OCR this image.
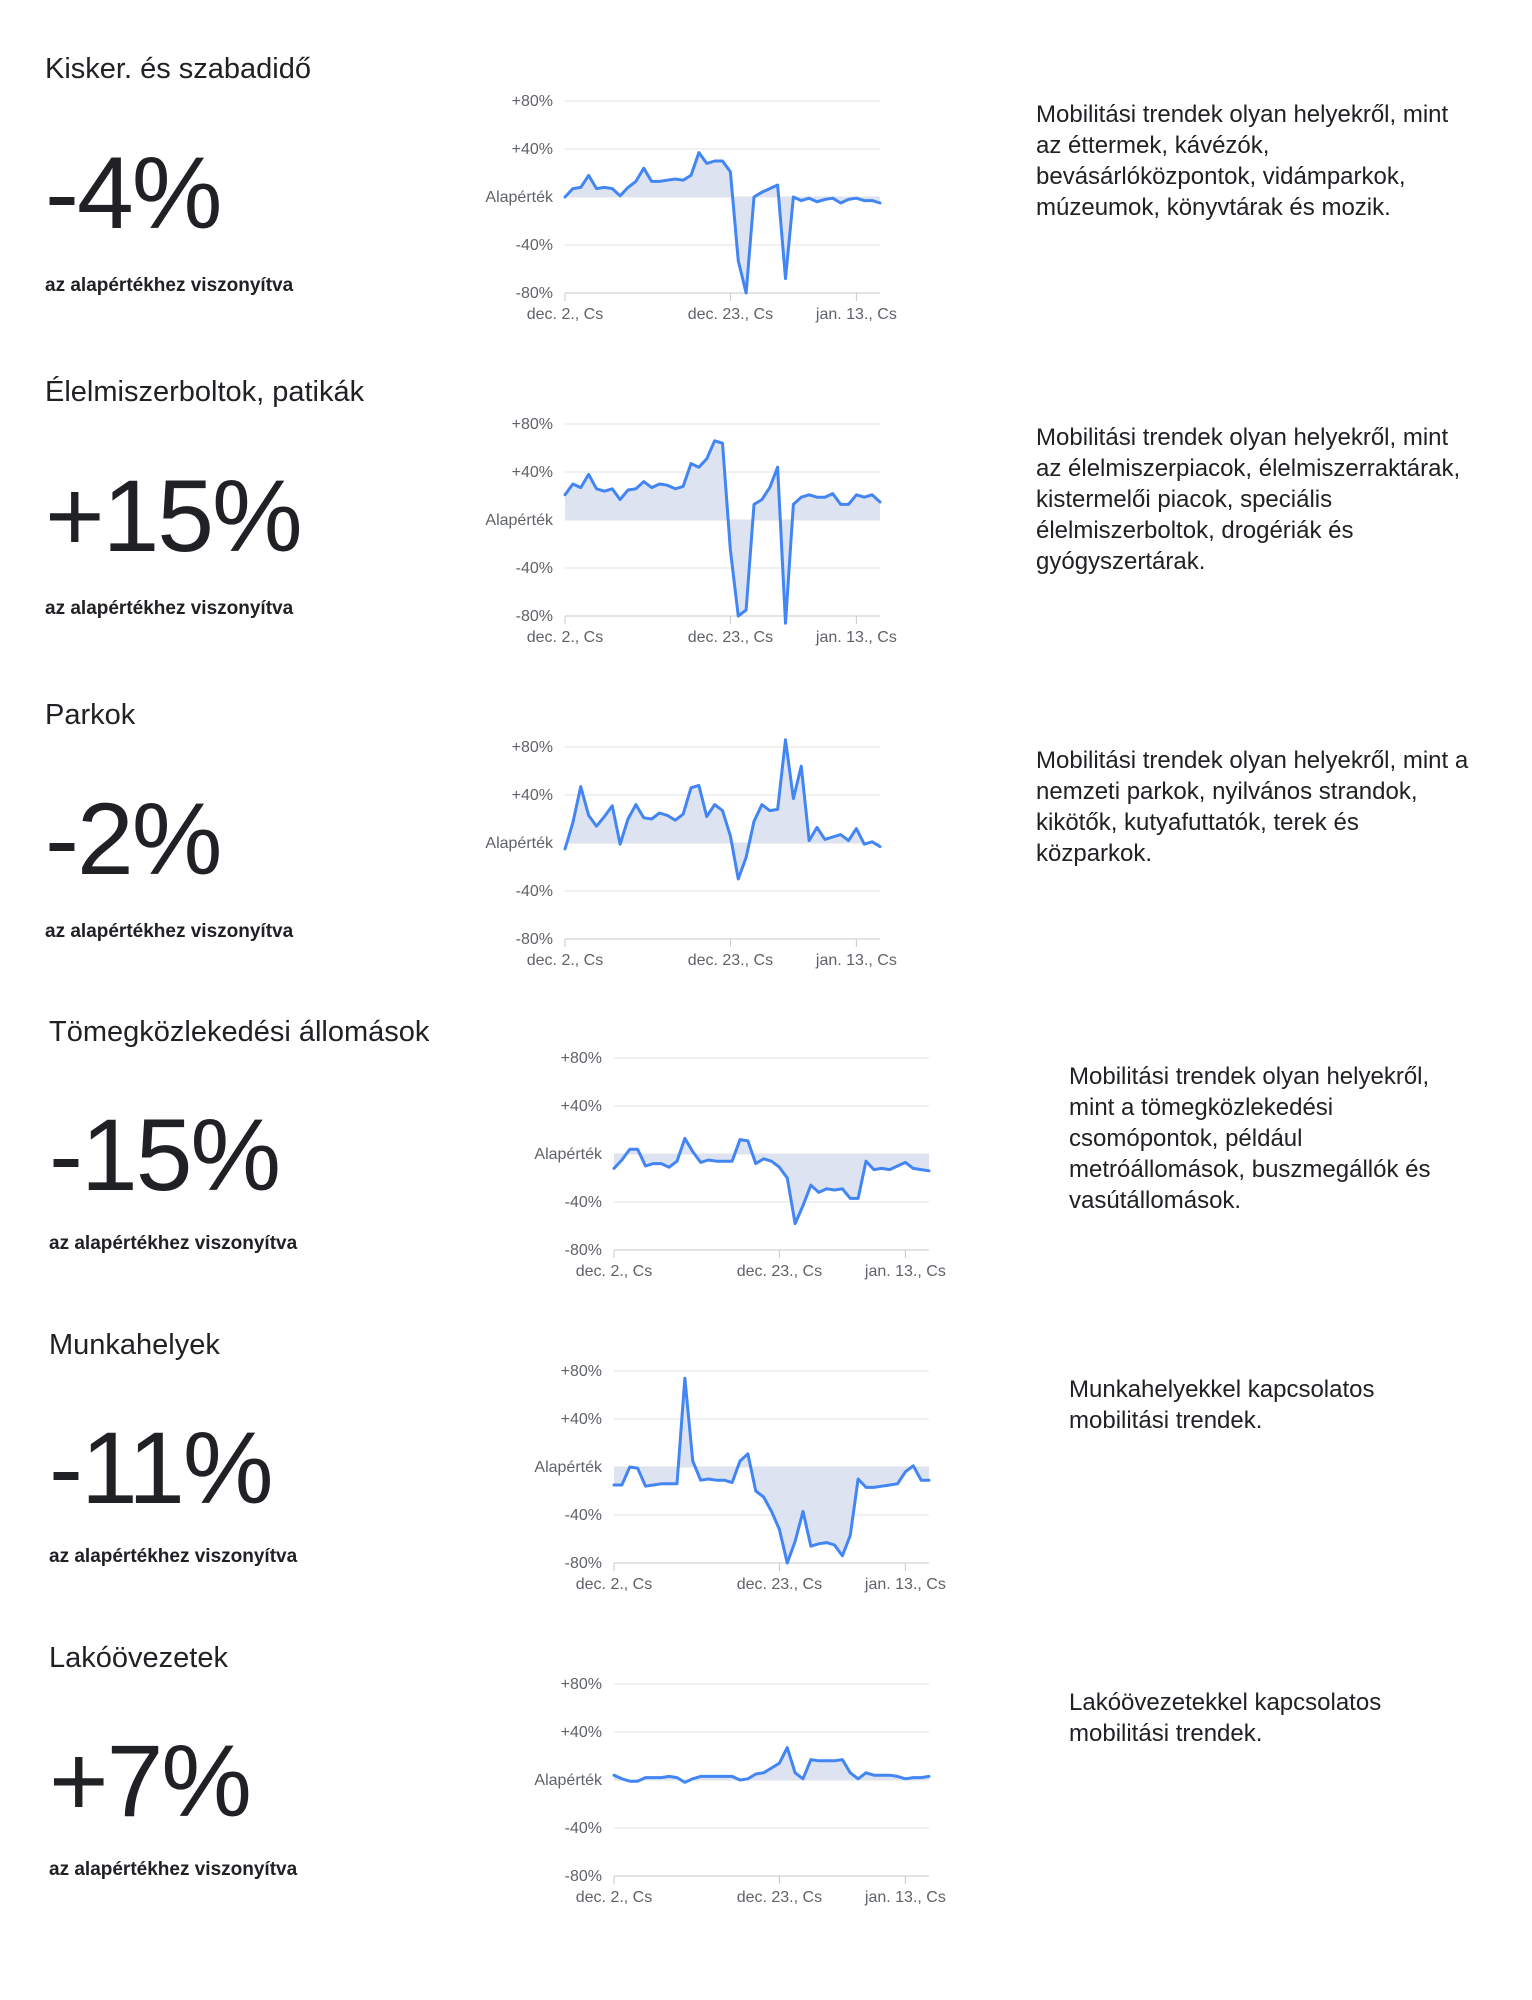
Kisker. és szabadidő
-4%
az alapértékhez viszonyítva
+80%
+40%
Alapérték
-40%
-80%
dec. 2., Cs	dec. 23., Cs	jan. 13., Cs
Mobilitási trendek olyan helyekről, mint
az éttermek, kávézók,
bevásárlóközpontok, vidámparkok,
múzeumok, könyvtárak és mozik.
Élelmiszerboltok, patikák
+15%
az alapértékhez viszonyítva
+80%
+40%
Alapérték
-40%
-80%
dec. 2., Cs	dec. 23., Cs	jan. 13., Cs
Mobilitási trendek olyan helyekről, mint
az élelmiszerpiacok, élelmiszerraktárak,
kistermelői piacok, speciális
élelmiszerboltok, drogériák és
gyógyszertárak.
Parkok
-2%
az alapértékhez viszonyítva
+80%
+40%
Alapérték
-40%
-80%
dec. 2., Cs	dec. 23., Cs	jan. 13., Cs
Mobilitási trendek olyan helyekről, mint a
nemzeti parkok, nyilvános strandok,
kikötők, kutyafuttatók, terek és
közparkok.
Tömegközlekedési állomások
-15%
az alapértékhez viszonyítva
+80%
+40%
Alapérték
-40%
-80%
dec. 2., Cs	dec. 23., Cs	jan. 13., Cs
Mobilitási trendek olyan helyekről,
mint a tömegközlekedési
csomópontok, például
metróállomások, buszmegállók és
vasútállomások.
Munkahelyek
-11%
az alapértékhez viszonyítva
+80%
+40%
Alapérték
-40%
-80%
dec. 2., Cs	dec. 23., Cs	jan. 13., Cs
Munkahelyekkel kapcsolatos
mobilitási trendek.
Lakóövezetek
+7%
az alapértékhez viszonyítva
+80%
+40%
Alapérték
-40%
-80%
dec. 2., Cs	dec. 23., Cs	jan. 13., Cs
Lakóövezetekkel kapcsolatos
mobilitási trendek.
